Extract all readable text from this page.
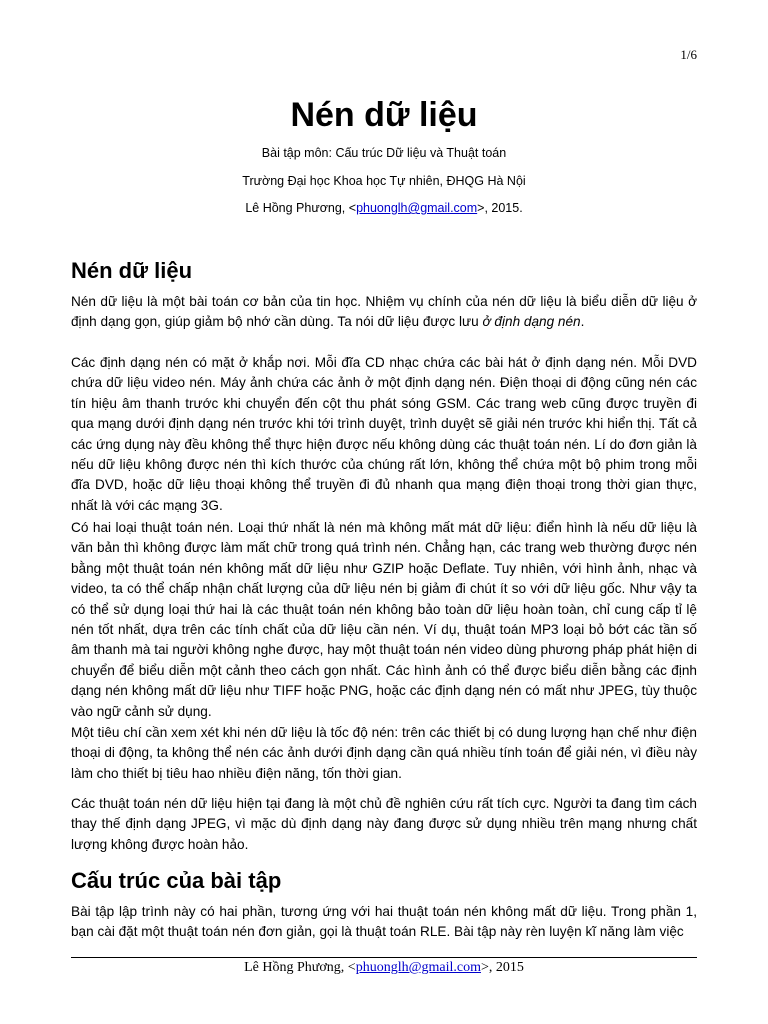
1/6
Nén dữ liệu

Bài tập môn: Cấu trúc Dữ liệu và Thuật toán

Trường Đại học Khoa học Tự nhiên, ĐHQG Hà Nội

Lê Hồng Phương, <phuonglh@gmail.com>, 2015.

Nén dữ liệu

Nén dữ liệu là một bài toán cơ bản của tin học. Nhiệm vụ chính của nén dữ liệu là biểu diễn dữ liệu ở định dạng gọn, giúp giảm bộ nhớ cần dùng. Ta nói dữ liệu được lưu ở định dạng nén.

Các định dạng nén có mặt ở khắp nơi. Mỗi đĩa CD nhạc chứa các bài hát ở định dạng nén. Mỗi DVD chứa dữ liệu video nén. Máy ảnh chứa các ảnh ở một định dạng nén. Điện thoại di động cũng nén các tín hiệu âm thanh trước khi chuyển đến cột thu phát sóng GSM. Các trang web cũng được truyền đi qua mạng dưới định dạng nén trước khi tới trình duyệt, trình duyệt sẽ giải nén trước khi hiển thị. Tất cả các ứng dụng này đều không thể thực hiện được nếu không dùng các thuật toán nén. Lí do đơn giản là nếu dữ liệu không được nén thì kích thước của chúng rất lớn, không thể chứa một bộ phim trong mỗi đĩa DVD, hoặc dữ liệu thoại không thể truyền đi đủ nhanh qua mạng điện thoại trong thời gian thực, nhất là với các mạng 3G.

Có hai loại thuật toán nén. Loại thứ nhất là nén mà không mất mát dữ liệu: điển hình là nếu dữ liệu là văn bản thì không được làm mất chữ trong quá trình nén. Chẳng hạn, các trang web thường được nén bằng một thuật toán nén không mất dữ liệu như GZIP hoặc Deflate. Tuy nhiên, với hình ảnh, nhạc và video, ta có thể chấp nhận chất lượng của dữ liệu nén bị giảm đi chút ít so với dữ liệu gốc. Như vậy ta có thể sử dụng loại thứ hai là các thuật toán nén không bảo toàn dữ liệu hoàn toàn, chỉ cung cấp tỉ lệ nén tốt nhất, dựa trên các tính chất của dữ liệu cần nén. Ví dụ, thuật toán MP3 loại bỏ bớt các tần số âm thanh mà tai người không nghe được, hay một thuật toán nén video dùng phương pháp phát hiện di chuyển để biểu diễn một cảnh theo cách gọn nhất. Các hình ảnh có thể được biểu diễn bằng các định dạng nén không mất dữ liệu như TIFF hoặc PNG, hoặc các định dạng nén có mất như JPEG, tùy thuộc vào ngữ cảnh sử dụng.

Một tiêu chí cần xem xét khi nén dữ liệu là tốc độ nén: trên các thiết bị có dung lượng hạn chế như điện thoại di động, ta không thể nén các ảnh dưới định dạng cần quá nhiều tính toán để giải nén, vì điều này làm cho thiết bị tiêu hao nhiều điện năng, tốn thời gian.

Các thuật toán nén dữ liệu hiện tại đang là một chủ đề nghiên cứu rất tích cực. Người ta đang tìm cách thay thế định dạng JPEG, vì mặc dù định dạng này đang được sử dụng nhiều trên mạng nhưng chất lượng không được hoàn hảo.

Cấu trúc của bài tập

Bài tập lập trình này có hai phần, tương ứng với hai thuật toán nén không mất dữ liệu. Trong phần 1, bạn cài đặt một thuật toán nén đơn giản, gọi là thuật toán RLE. Bài tập này rèn luyện kĩ năng làm việc

Lê Hồng Phương, <phuonglh@gmail.com>, 2015
